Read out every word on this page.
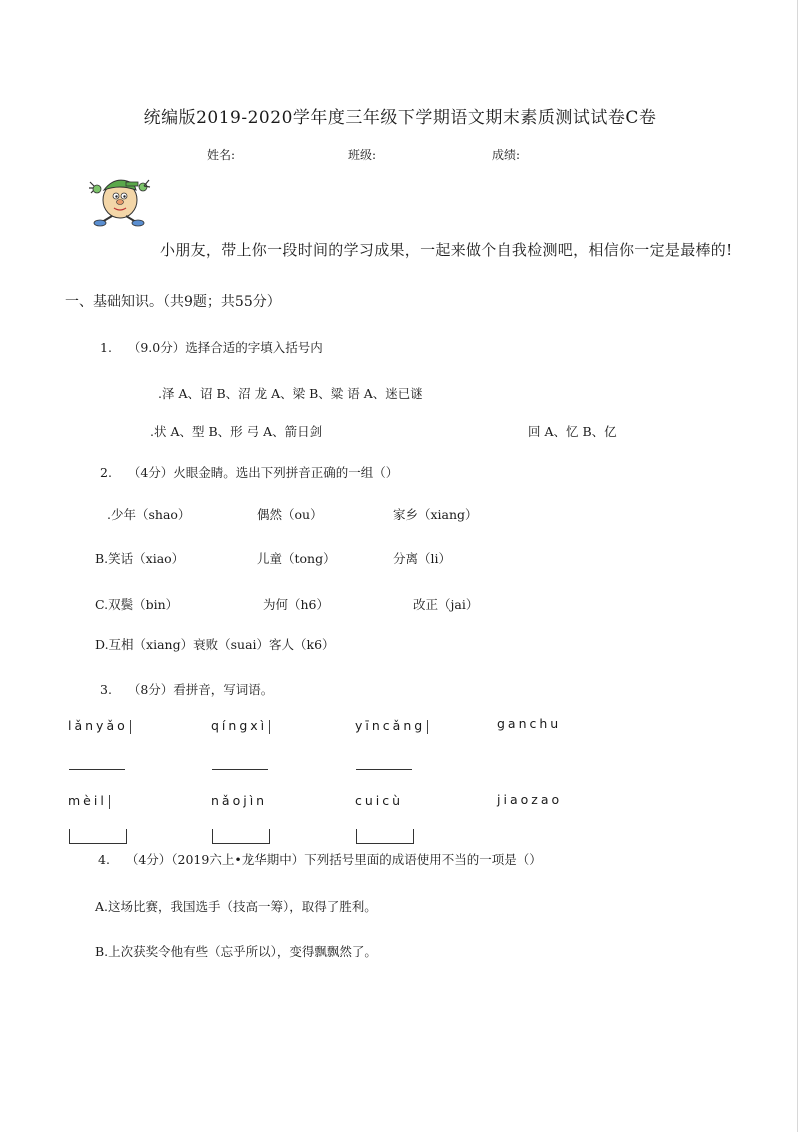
统编版2019-2020学年度三年级下学期语文期末素质测试试卷C卷
姓名:	班级:	成绩:
小朋友，带上你一段时间的学习成果，一起来做个自我检测吧，相信你一定是最棒的!
一、基础知识。（共9题；共55分）
1.    （9.0分）选择合适的字填入括号内
.泽 A、诏 B、沼 龙 A、梁 B、粱 语 A、迷已谜
.状 A、型 B、形 弓 A、箭日剑	回 A、忆 B、亿
2.    （4分）火眼金睛。选出下列拼音正确的一组（）
.少年（shao）	偶然（ou）	家乡（xiang）
B.笑话（xiao）	儿童（tong）	分离（li）
C.双鬓（bin）	为何（h6）	改正（jai）
D.互相（xiang）衰败（suai）客人（k6）
3.    （8分）看拼音，写词语。
lǎnyǎo	qíngxì	yīncǎng	ganchu
mèil	nǎojìn	cuicù	jiaozao
4.    （4分）（2019六上•龙华期中）下列括号里面的成语使用不当的一项是（）
A.这场比赛，我国选手（技高一筹），取得了胜利。
B.上次获奖令他有些（忘乎所以），变得飘飘然了。
